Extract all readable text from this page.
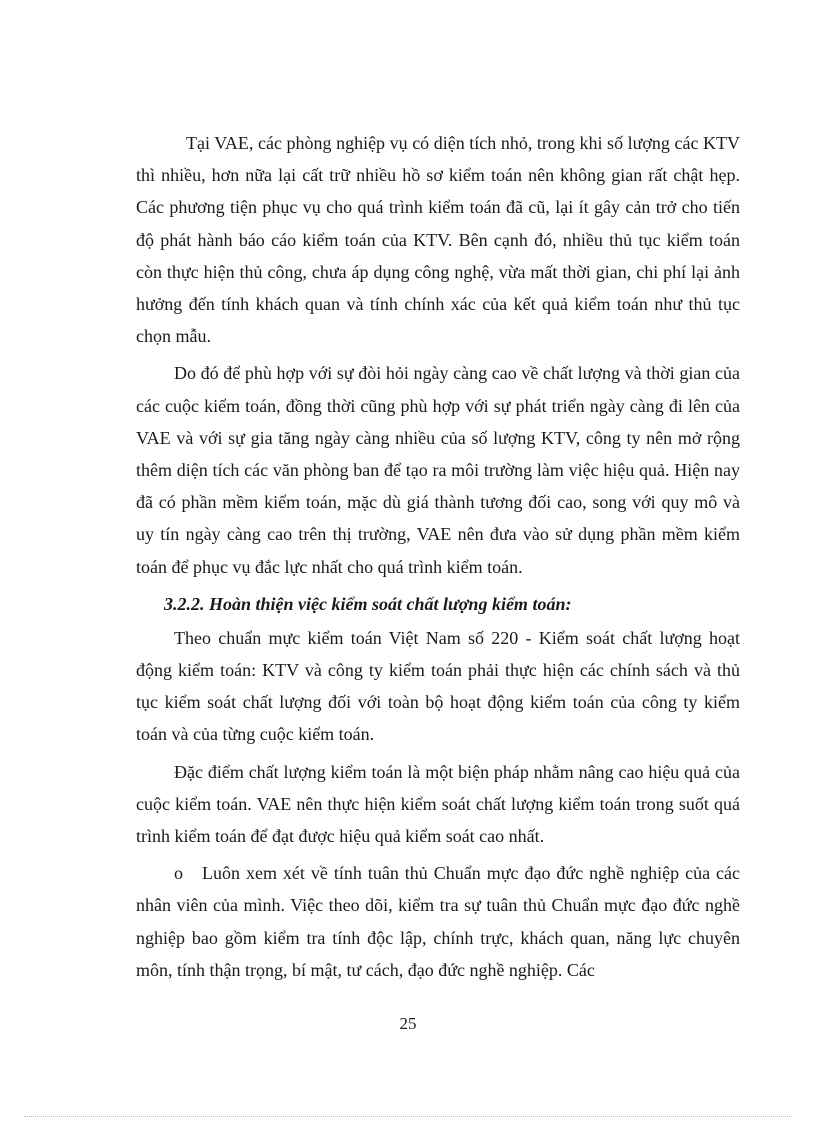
Tại VAE, các phòng nghiệp vụ có diện tích nhỏ, trong khi số lượng các KTV thì nhiều, hơn nữa lại cất trữ nhiều hồ sơ kiểm toán nên không gian rất chật hẹp. Các phương tiện phục vụ cho quá trình kiểm toán đã cũ, lại ít gây cản trở cho tiến độ phát hành báo cáo kiểm toán của KTV. Bên cạnh đó, nhiều thủ tục kiểm toán còn thực hiện thủ công, chưa áp dụng công nghệ, vừa mất thời gian, chi phí lại ảnh hưởng đến tính khách quan và tính chính xác của kết quả kiểm toán như thủ tục chọn mẫu.

Do đó để phù hợp với sự đòi hỏi ngày càng cao về chất lượng và thời gian của các cuộc kiểm toán, đồng thời cũng phù hợp với sự phát triển ngày càng đi lên của VAE và với sự gia tăng ngày càng nhiều của số lượng KTV, công ty nên mở rộng thêm diện tích các văn phòng ban để tạo ra môi trường làm việc hiệu quả. Hiện nay đã có phần mềm kiểm toán, mặc dù giá thành tương đối cao, song với quy mô và uy tín ngày càng cao trên thị trường, VAE nên đưa vào sử dụng phần mềm kiểm toán để phục vụ đắc lực nhất cho quá trình kiểm toán.

3.2.2. Hoàn thiện việc kiểm soát chất lượng kiểm toán:

Theo chuẩn mực kiểm toán Việt Nam số 220 - Kiểm soát chất lượng hoạt động kiểm toán: KTV và công ty kiểm toán phải thực hiện các chính sách và thủ tục kiểm soát chất lượng đối với toàn bộ hoạt động kiểm toán của công ty kiểm toán và của từng cuộc kiểm toán.

Đặc điểm chất lượng kiểm toán là một biện pháp nhằm nâng cao hiệu quả của cuộc kiểm toán. VAE nên thực hiện kiểm soát chất lượng kiểm toán trong suốt quá trình kiểm toán để đạt được hiệu quả kiểm soát cao nhất.

o Luôn xem xét về tính tuân thủ Chuẩn mực đạo đức nghề nghiệp của các nhân viên của mình. Việc theo dõi, kiểm tra sự tuân thủ Chuẩn mực đạo đức nghề nghiệp bao gồm kiểm tra tính độc lập, chính trực, khách quan, năng lực chuyên môn, tính thận trọng, bí mật, tư cách, đạo đức nghề nghiệp. Các

25
